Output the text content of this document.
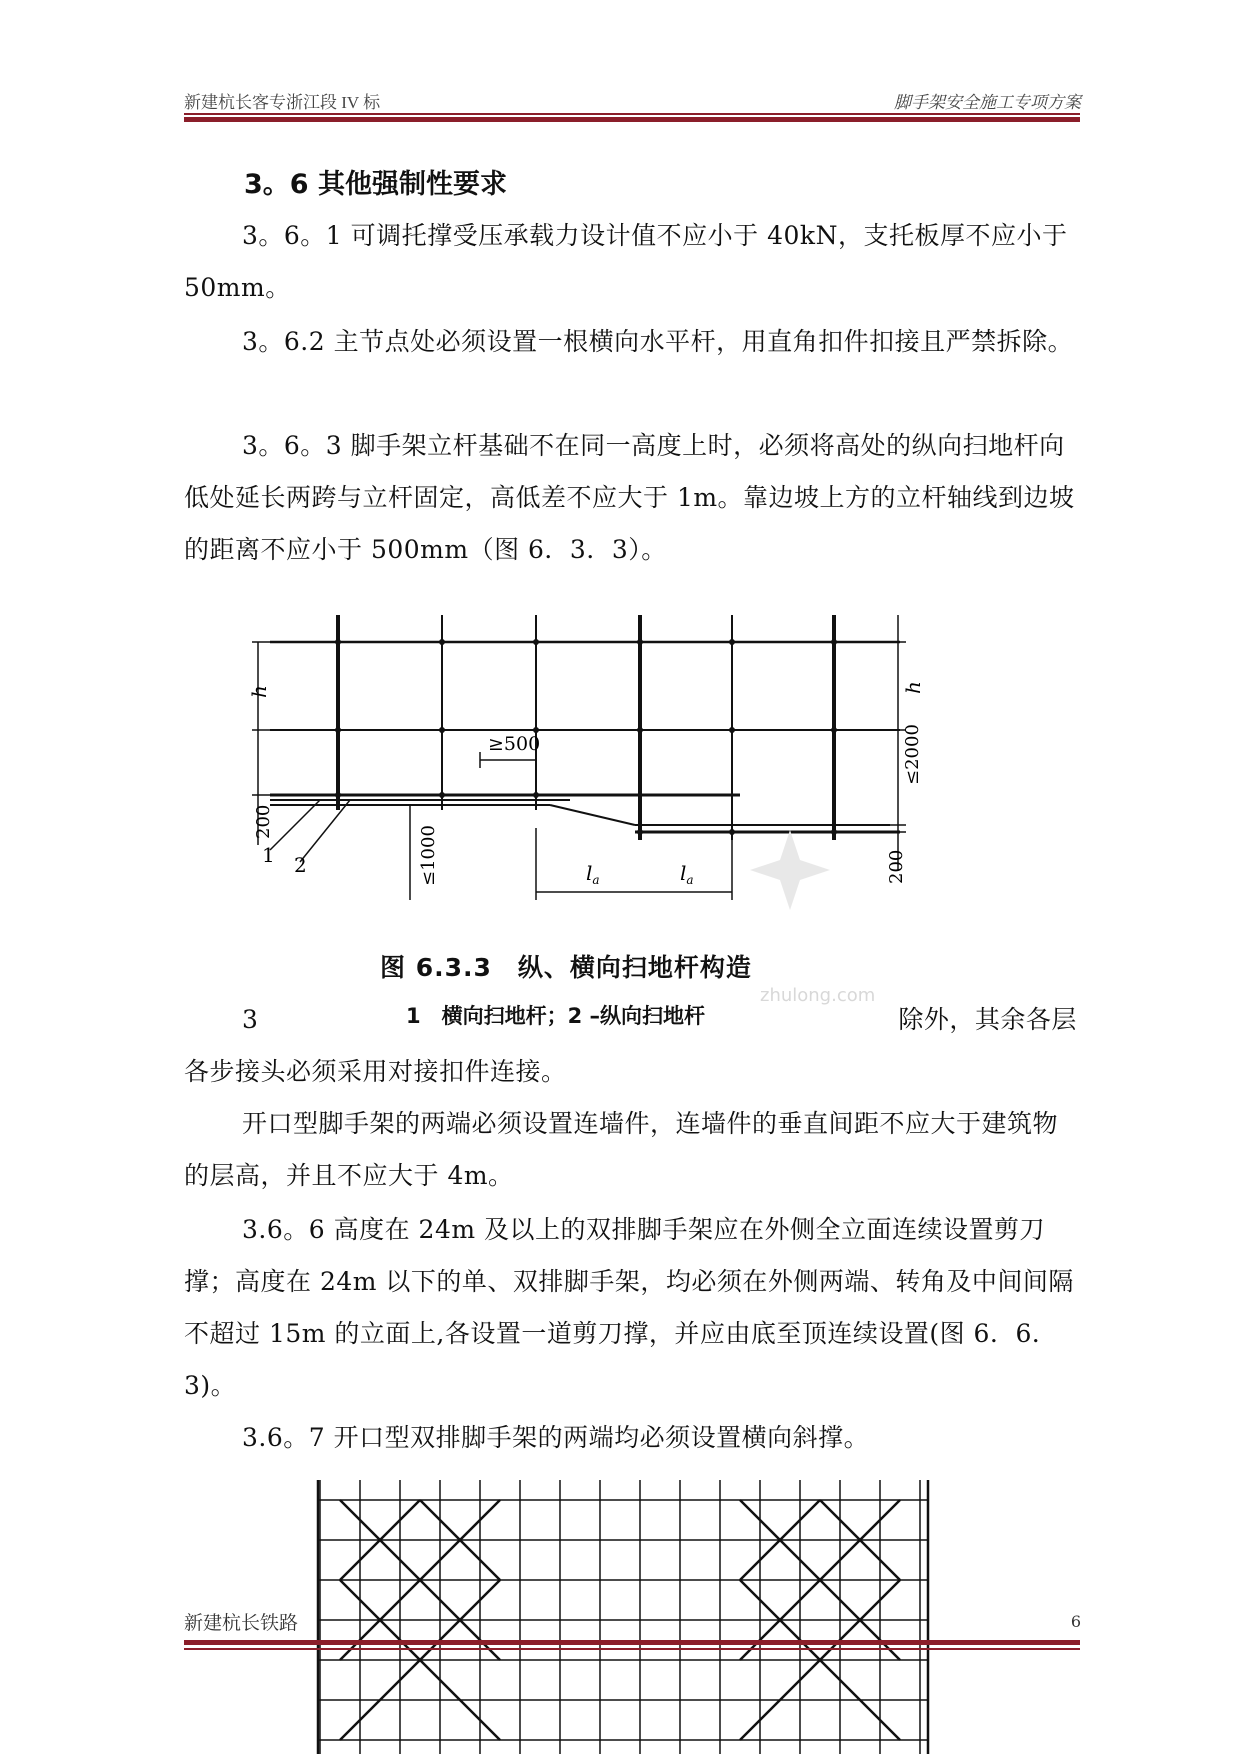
新建杭长客专浙江段 IV 标	脚手架安全施工专项方案
3。6 其他强制性要求

3。6。1 可调托撑受压承载力设计值不应小于 40kN，支托板厚不应小于 50mm。

3。6.2 主节点处必须设置一根横向水平杆，用直角扣件扣接且严禁拆除。

3。6。3 脚手架立杆基础不在同一高度上时，必须将高处的纵向扫地杆向低处延长两跨与立杆固定，高低差不应大于 1m。靠边坡上方的立杆轴线到边坡的距离不应小于 500mm（图 6．3．3）。

h	h
≥500	≤2000
200
200
≤1000	$l_a$	$l_a$
1 2
图 6.3.3　纵、横向扫地杆构造
zhulong.com

3	除外，其余各层各步接头必须采用对接扣件连接。

1　横向扫地杆；2 –纵向扫地杆

开口型脚手架的两端必须设置连墙件，连墙件的垂直间距不应大于建筑物的层高，并且不应大于 4m。

3.6。6 高度在 24m 及以上的双排脚手架应在外侧全立面连续设置剪刀撑；高度在 24m 以下的单、双排脚手架，均必须在外侧两端、转角及中间间隔不超过 15m 的立面上,各设置一道剪刀撑，并应由底至顶连续设置(图 6．6．3)。

3.6。7 开口型双排脚手架的两端均必须设置横向斜撑。

新建杭长铁路	6
